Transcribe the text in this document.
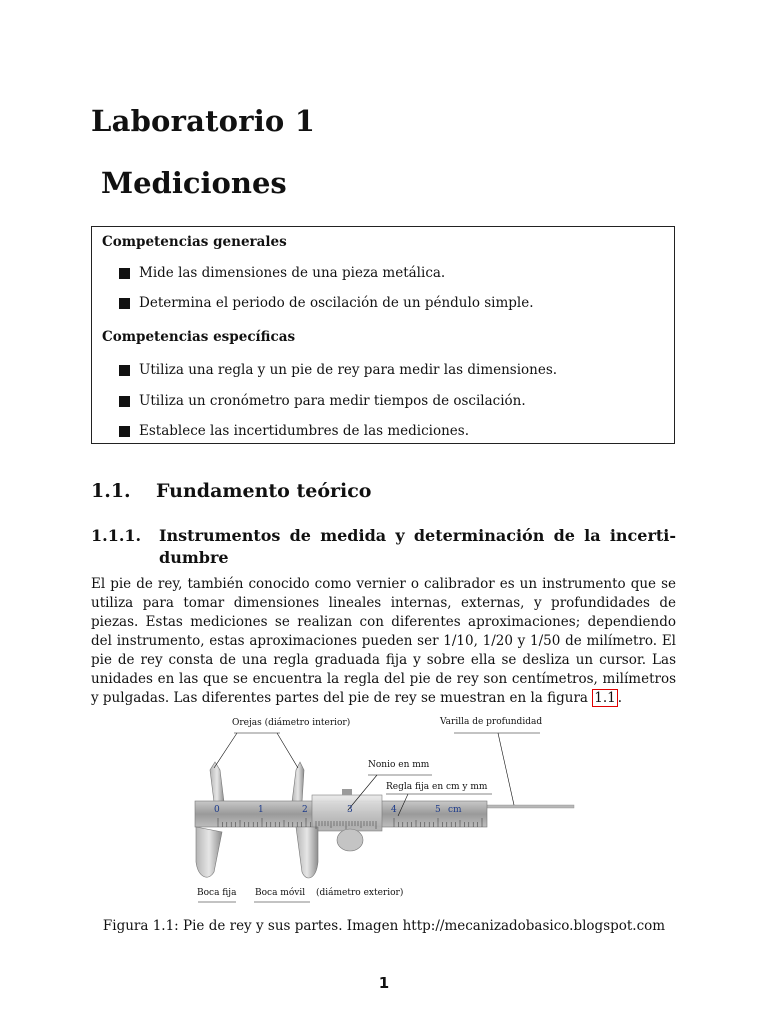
Laboratorio 1
Mediciones
Competencias generales
Mide las dimensiones de una pieza metálica.
Determina el periodo de oscilación de un péndulo simple.
Competencias específicas
Utiliza una regla y un pie de rey para medir las dimensiones.
Utiliza un cronómetro para medir tiempos de oscilación.
Establece las incertidumbres de las mediciones.
1.1. Fundamento teórico
1.1.1. Instrumentos de medida y determinación de la incerti-dumbre
El pie de rey, también conocido como vernier o calibrador es un instrumento que se utiliza para tomar dimensiones lineales internas, externas, y profundidades de piezas. Estas mediciones se realizan con diferentes aproximaciones; dependiendo del instrumento, estas aproximaciones pueden ser 1/10, 1/20 y 1/50 de milímetro. El pie de rey consta de una regla graduada fija y sobre ella se desliza un cursor. Las unidades en las que se encuentra la regla del pie de rey son centímetros, milímetros y pulgadas. Las diferentes partes del pie de rey se muestran en la figura 1.1 .
0	1	2	3	4	5 cm
Orejas (diámetro interior)	Varilla de profundidad
Nonio en mm
Regla fija en cm y mm
Boca fija Boca móvil (diámetro exterior)
Figura 1.1: Pie de rey y sus partes. Imagen http://mecanizadobasico.blogspot.com
1
